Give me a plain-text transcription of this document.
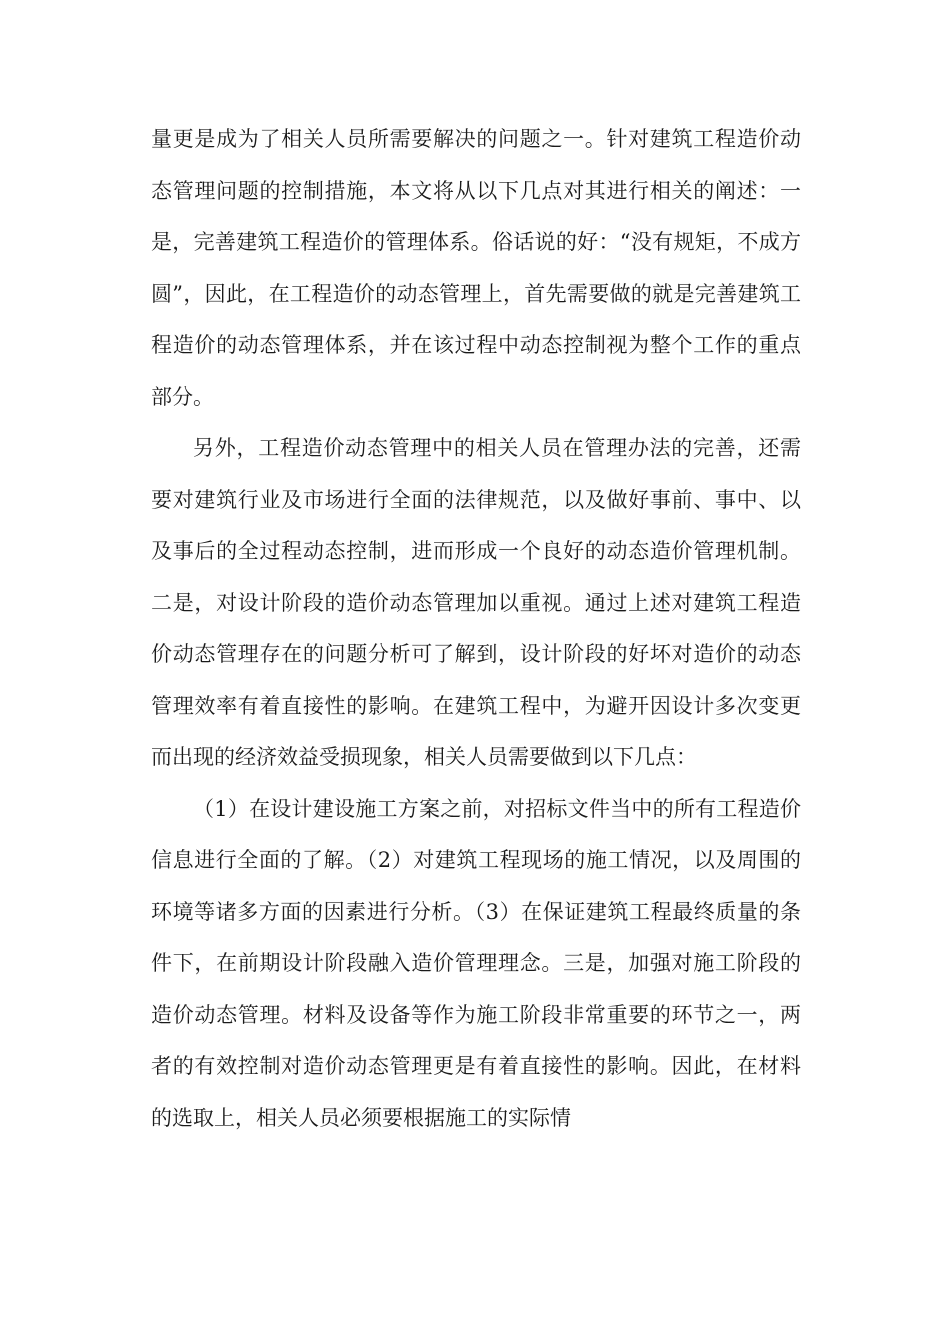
量更是成为了相关人员所需要解决的问题之一。针对建筑工程造价动态管理问题的控制措施，本文将从以下几点对其进行相关的阐述：一是，完善建筑工程造价的管理体系。俗话说的好：“没有规矩，不成方圆”，因此，在工程造价的动态管理上，首先需要做的就是完善建筑工程造价的动态管理体系，并在该过程中动态控制视为整个工作的重点部分。

另外，工程造价动态管理中的相关人员在管理办法的完善，还需要对建筑行业及市场进行全面的法律规范，以及做好事前、事中、以及事后的全过程动态控制，进而形成一个良好的动态造价管理机制。二是，对设计阶段的造价动态管理加以重视。通过上述对建筑工程造价动态管理存在的问题分析可了解到，设计阶段的好坏对造价的动态管理效率有着直接性的影响。在建筑工程中，为避开因设计多次变更而出现的经济效益受损现象，相关人员需要做到以下几点：

（1）在设计建设施工方案之前，对招标文件当中的所有工程造价信息进行全面的了解。（2）对建筑工程现场的施工情况，以及周围的环境等诸多方面的因素进行分析。（3）在保证建筑工程最终质量的条件下，在前期设计阶段融入造价管理理念。三是，加强对施工阶段的造价动态管理。材料及设备等作为施工阶段非常重要的环节之一，两者的有效控制对造价动态管理更是有着直接性的影响。因此，在材料的选取上，相关人员必须要根据施工的实际情
